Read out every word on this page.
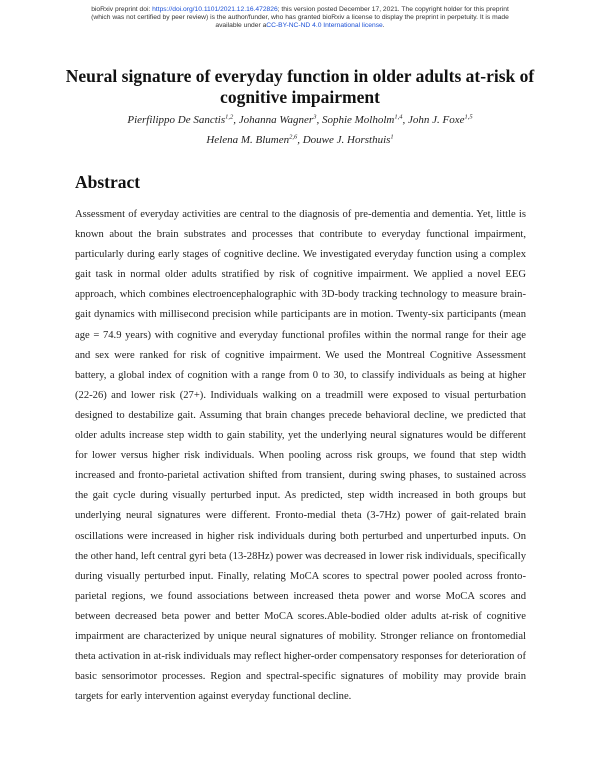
bioRxiv preprint doi: https://doi.org/10.1101/2021.12.16.472826; this version posted December 17, 2021. The copyright holder for this preprint
(which was not certified by peer review) is the author/funder, who has granted bioRxiv a license to display the preprint in perpetuity. It is made
available under aCC-BY-NC-ND 4.0 International license.
Neural signature of everyday function in older adults at-risk of cognitive impairment
Pierfilippo De Sanctis$^{1,2}$, Johanna Wagner$^3$, Sophie Molholm$^{1,4}$, John J. Foxe$^{1,5}$
Helena M. Blumen$^{2,6}$, Douwe J. Horsthuis$^1$
Abstract

Assessment of everyday activities are central to the diagnosis of pre-dementia and dementia. Yet, little is known about the brain substrates and processes that contribute to everyday functional impairment, particularly during early stages of cognitive decline. We investigated everyday function using a complex gait task in normal older adults stratified by risk of cognitive impairment. We applied a novel EEG approach, which combines electroencephalographic with 3D-body tracking technology to measure brain-gait dynamics with millisecond precision while participants are in motion. Twenty-six participants (mean age = 74.9 years) with cognitive and everyday functional profiles within the normal range for their age and sex were ranked for risk of cognitive impairment. We used the Montreal Cognitive Assessment battery, a global index of cognition with a range from 0 to 30, to classify individuals as being at higher (22-26) and lower risk (27+). Individuals walking on a treadmill were exposed to visual perturbation designed to destabilize gait. Assuming that brain changes precede behavioral decline, we predicted that older adults increase step width to gain stability, yet the underlying neural signatures would be different for lower versus higher risk individuals. When pooling across risk groups, we found that step width increased and fronto-parietal activation shifted from transient, during swing phases, to sustained across the gait cycle during visually perturbed input. As predicted, step width increased in both groups but underlying neural signatures were different. Fronto-medial theta (3-7Hz) power of gait-related brain oscillations were increased in higher risk individuals during both perturbed and unperturbed inputs. On the other hand, left central gyri beta (13-28Hz) power was decreased in lower risk individuals, specifically during visually perturbed input. Finally, relating MoCA scores to spectral power pooled across fronto-parietal regions, we found associations between increased theta power and worse MoCA scores and between decreased beta power and better MoCA scores.Able-bodied older adults at-risk of cognitive impairment are characterized by unique neural signatures of mobility. Stronger reliance on frontomedial theta activation in at-risk individuals may reflect higher-order compensatory responses for deterioration of basic sensorimotor processes. Region and spectral-specific signatures of mobility may provide brain targets for early intervention against everyday functional decline.
